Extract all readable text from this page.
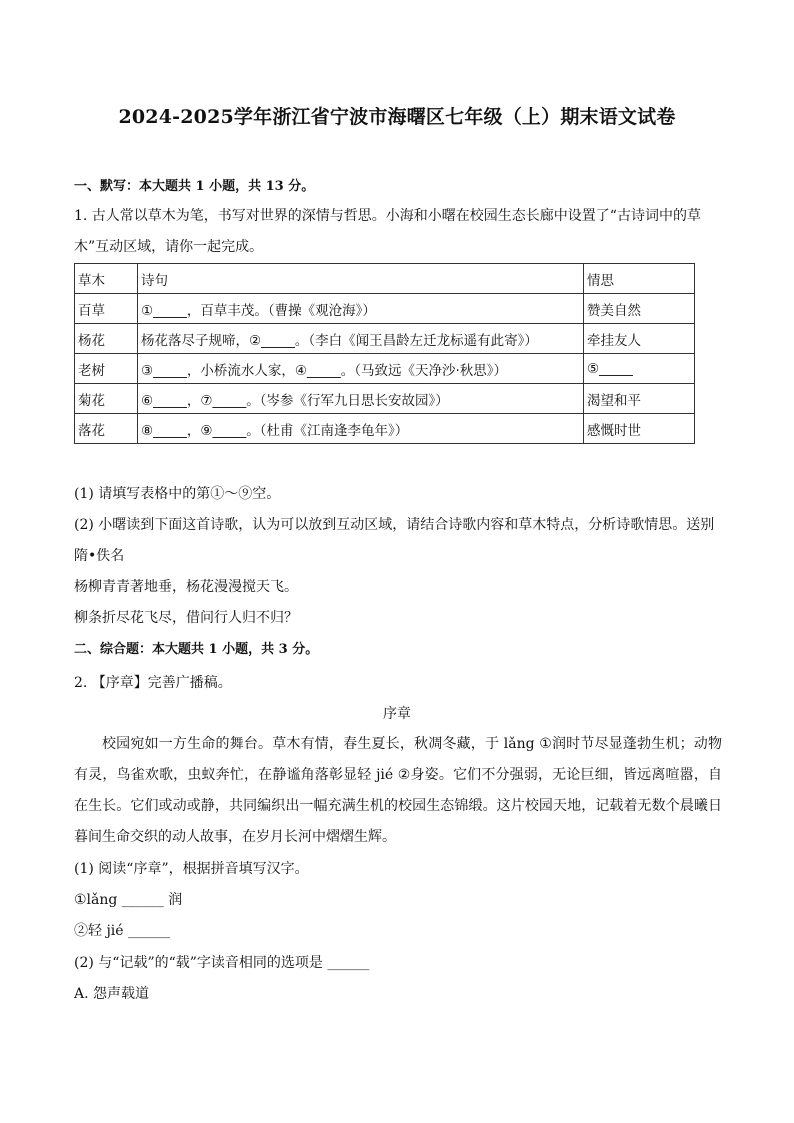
2024-2025学年浙江省宁波市海曙区七年级（上）期末语文试卷
一、默写：本大题共 1 小题，共 13 分。
1. 古人常以草木为笔，书写对世界的深情与哲思。小海和小曙在校园生态长廊中设置了“古诗词中的草
木”互动区域，请你一起完成。
草木	诗句	情思
百草	①_____，百草丰茂。（曹操《观沧海》）	赞美自然
杨花	杨花落尽子规啼，②_____。（李白《闻王昌龄左迁龙标遥有此寄》）	牵挂友人
老树	③_____，小桥流水人家，④_____。（马致远《天净沙·秋思》）	⑤_____
菊花	⑥_____，⑦_____。（岑参《行军九日思长安故园》）	渴望和平
落花	⑧_____，⑨_____。（杜甫《江南逢李龟年》）	感慨时世
(1) 请填写表格中的第①～⑨空。
(2) 小曙读到下面这首诗歌，认为可以放到互动区域，请结合诗歌内容和草木特点，分析诗歌情思。送别
隋•佚名
杨柳青青著地垂，杨花漫漫搅天飞。
柳条折尽花飞尽，借问行人归不归？
二、综合题：本大题共 1 小题，共 3 分。
2. 【序章】完善广播稿。
序章
校园宛如一方生命的舞台。草木有情，春生夏长，秋凋冬藏，于 lǎng ①润时节尽显蓬勃生机；动物有灵，鸟雀欢歌，虫蚁奔忙，在静谧角落彰显轻 jié ②身姿。它们不分强弱，无论巨细，皆远离喧嚣，自在生长。它们或动或静，共同编织出一幅充满生机的校园生态锦缎。这片校园天地，记载着无数个晨曦日暮间生命交织的动人故事，在岁月长河中熠熠生辉。
(1) 阅读“序章”，根据拼音填写汉字。
①lǎng ______ 润
②轻 jié ______
(2) 与“记载”的“载”字读音相同的选项是 ______
A. 怨声载道
